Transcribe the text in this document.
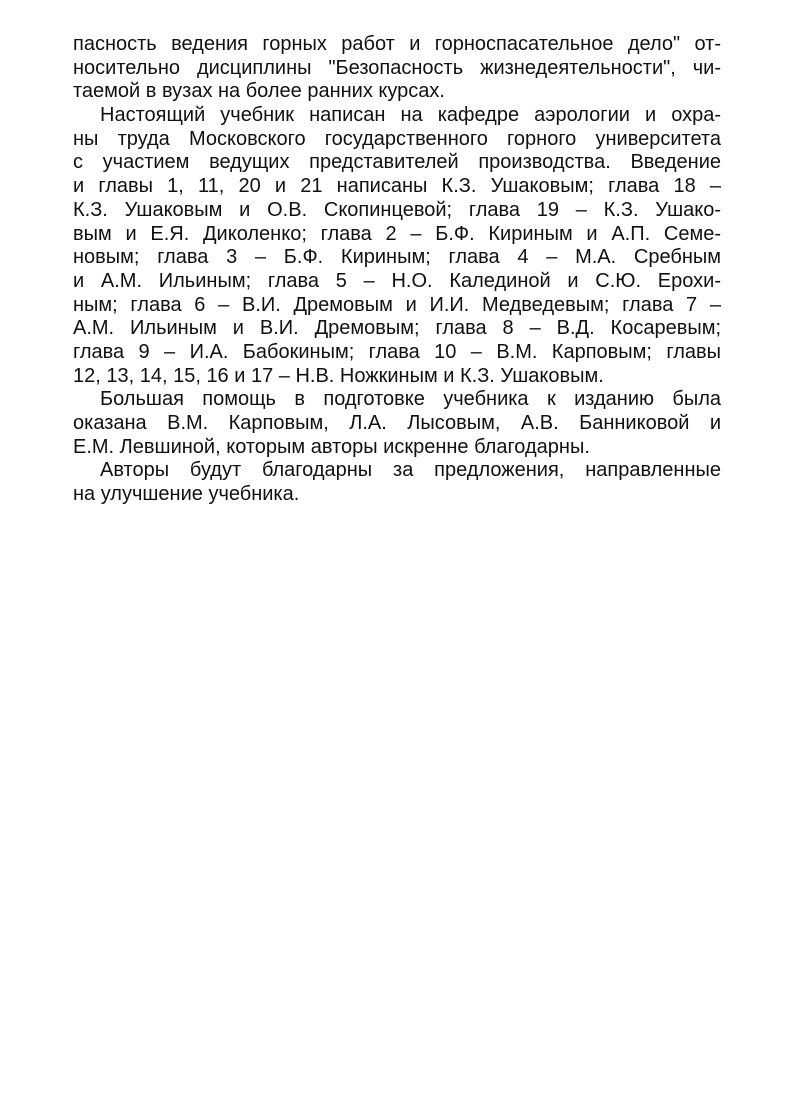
пасность ведения горных работ и горноспасательное дело" от-
носительно дисциплины "Безопасность жизнедеятельности", чи-
таемой в вузах на более ранних курсах.
Настоящий учебник написан на кафедре аэрологии и охра-
ны труда Московского государственного горного университета
с участием ведущих представителей производства. Введение
и главы 1, 11, 20 и 21 написаны К.З. Ушаковым; глава 18 –
К.З. Ушаковым и О.В. Скопинцевой; глава 19 – К.З. Ушако-
вым и Е.Я. Диколенко; глава 2 – Б.Ф. Кириным и А.П. Семе-
новым; глава 3 – Б.Ф. Кириным; глава 4 – М.А. Сребным
и А.М. Ильиным; глава 5 – Н.О. Калединой и С.Ю. Ерохи-
ным; глава 6 – В.И. Дремовым и И.И. Медведевым; глава 7 –
А.М. Ильиным и В.И. Дремовым; глава 8 – В.Д. Косаревым;
глава 9 – И.А. Бабокиным; глава 10 – В.М. Карповым; главы
12, 13, 14, 15, 16 и 17 – Н.В. Ножкиным и К.З. Ушаковым.
Большая помощь в подготовке учебника к изданию была
оказана В.М. Карповым, Л.А. Лысовым, А.В. Банниковой и
Е.М. Левшиной, которым авторы искренне благодарны.
Авторы будут благодарны за предложения, направленные
на улучшение учебника.
